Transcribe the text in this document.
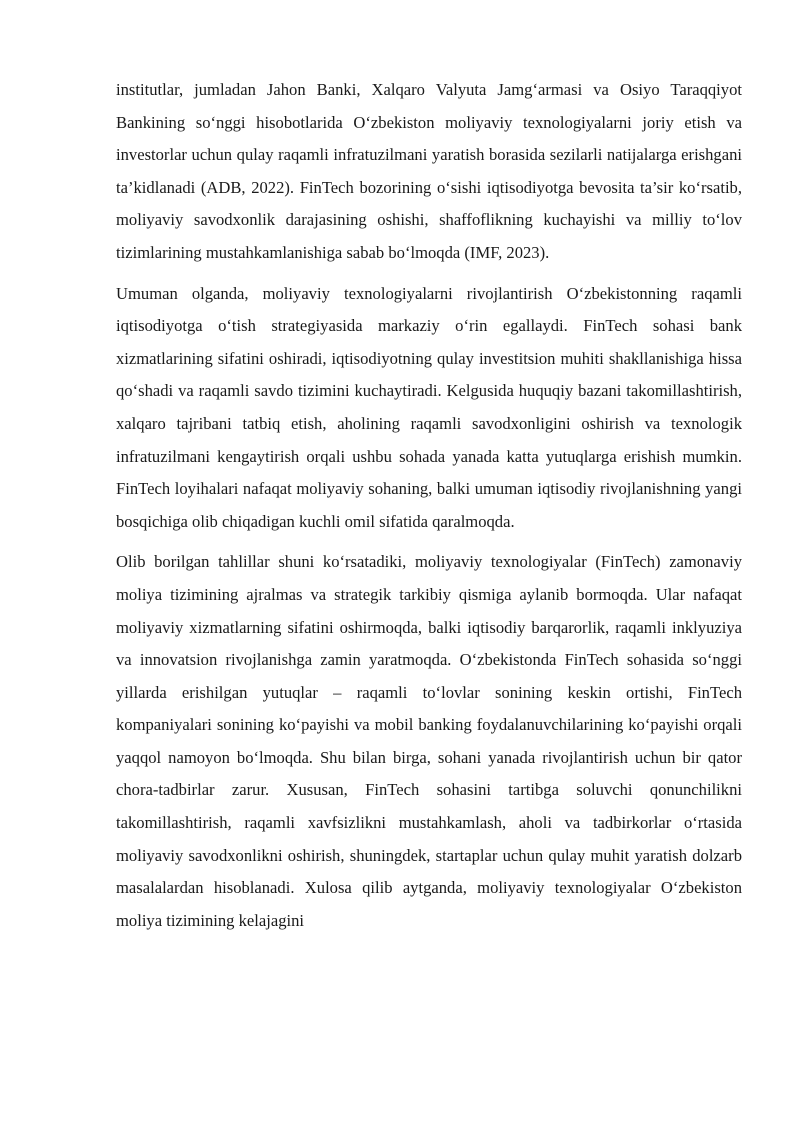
institutlar, jumladan Jahon Banki, Xalqaro Valyuta Jamg‘armasi va Osiyo Taraqqiyot Bankining so‘nggi hisobotlarida O‘zbekiston moliyaviy texnologiyalarni joriy etish va investorlar uchun qulay raqamli infratuzilmani yaratish borasida sezilarli natijalarga erishgani ta’kidlanadi (ADB, 2022). FinTech bozorining o‘sishi iqtisodiyotga bevosita ta’sir ko‘rsatib, moliyaviy savodxonlik darajasining oshishi, shaffoflikning kuchayishi va milliy to‘lov tizimlarining mustahkamlanishiga sabab bo‘lmoqda (IMF, 2023).

Umuman olganda, moliyaviy texnologiyalarni rivojlantirish O‘zbekistonning raqamli iqtisodiyotga o‘tish strategiyasida markaziy o‘rin egallaydi. FinTech sohasi bank xizmatlarining sifatini oshiradi, iqtisodiyotning qulay investitsion muhiti shakllanishiga hissa qo‘shadi va raqamli savdo tizimini kuchaytiradi. Kelgusida huquqiy bazani takomillashtirish, xalqaro tajribani tatbiq etish, aholining raqamli savodxonligini oshirish va texnologik infratuzilmani kengaytirish orqali ushbu sohada yanada katta yutuqlarga erishish mumkin. FinTech loyihalari nafaqat moliyaviy sohaning, balki umuman iqtisodiy rivojlanishning yangi bosqichiga olib chiqadigan kuchli omil sifatida qaralmoqda.

Olib borilgan tahlillar shuni ko‘rsatadiki, moliyaviy texnologiyalar (FinTech) zamonaviy moliya tizimining ajralmas va strategik tarkibiy qismiga aylanib bormoqda. Ular nafaqat moliyaviy xizmatlarning sifatini oshirmoqda, balki iqtisodiy barqarorlik, raqamli inklyuziya va innovatsion rivojlanishga zamin yaratmoqda. O‘zbekistonda FinTech sohasida so‘nggi yillarda erishilgan yutuqlar – raqamli to‘lovlar sonining keskin ortishi, FinTech kompaniyalari sonining ko‘payishi va mobil banking foydalanuvchilarining ko‘payishi orqali yaqqol namoyon bo‘lmoqda. Shu bilan birga, sohani yanada rivojlantirish uchun bir qator chora-tadbirlar zarur. Xususan, FinTech sohasini tartibga soluvchi qonunchilikni takomillashtirish, raqamli xavfsizlikni mustahkamlash, aholi va tadbirkorlar o‘rtasida moliyaviy savodxonlikni oshirish, shuningdek, startaplar uchun qulay muhit yaratish dolzarb masalalardan hisoblanadi. Xulosa qilib aytganda, moliyaviy texnologiyalar O‘zbekiston moliya tizimining kelajagini
